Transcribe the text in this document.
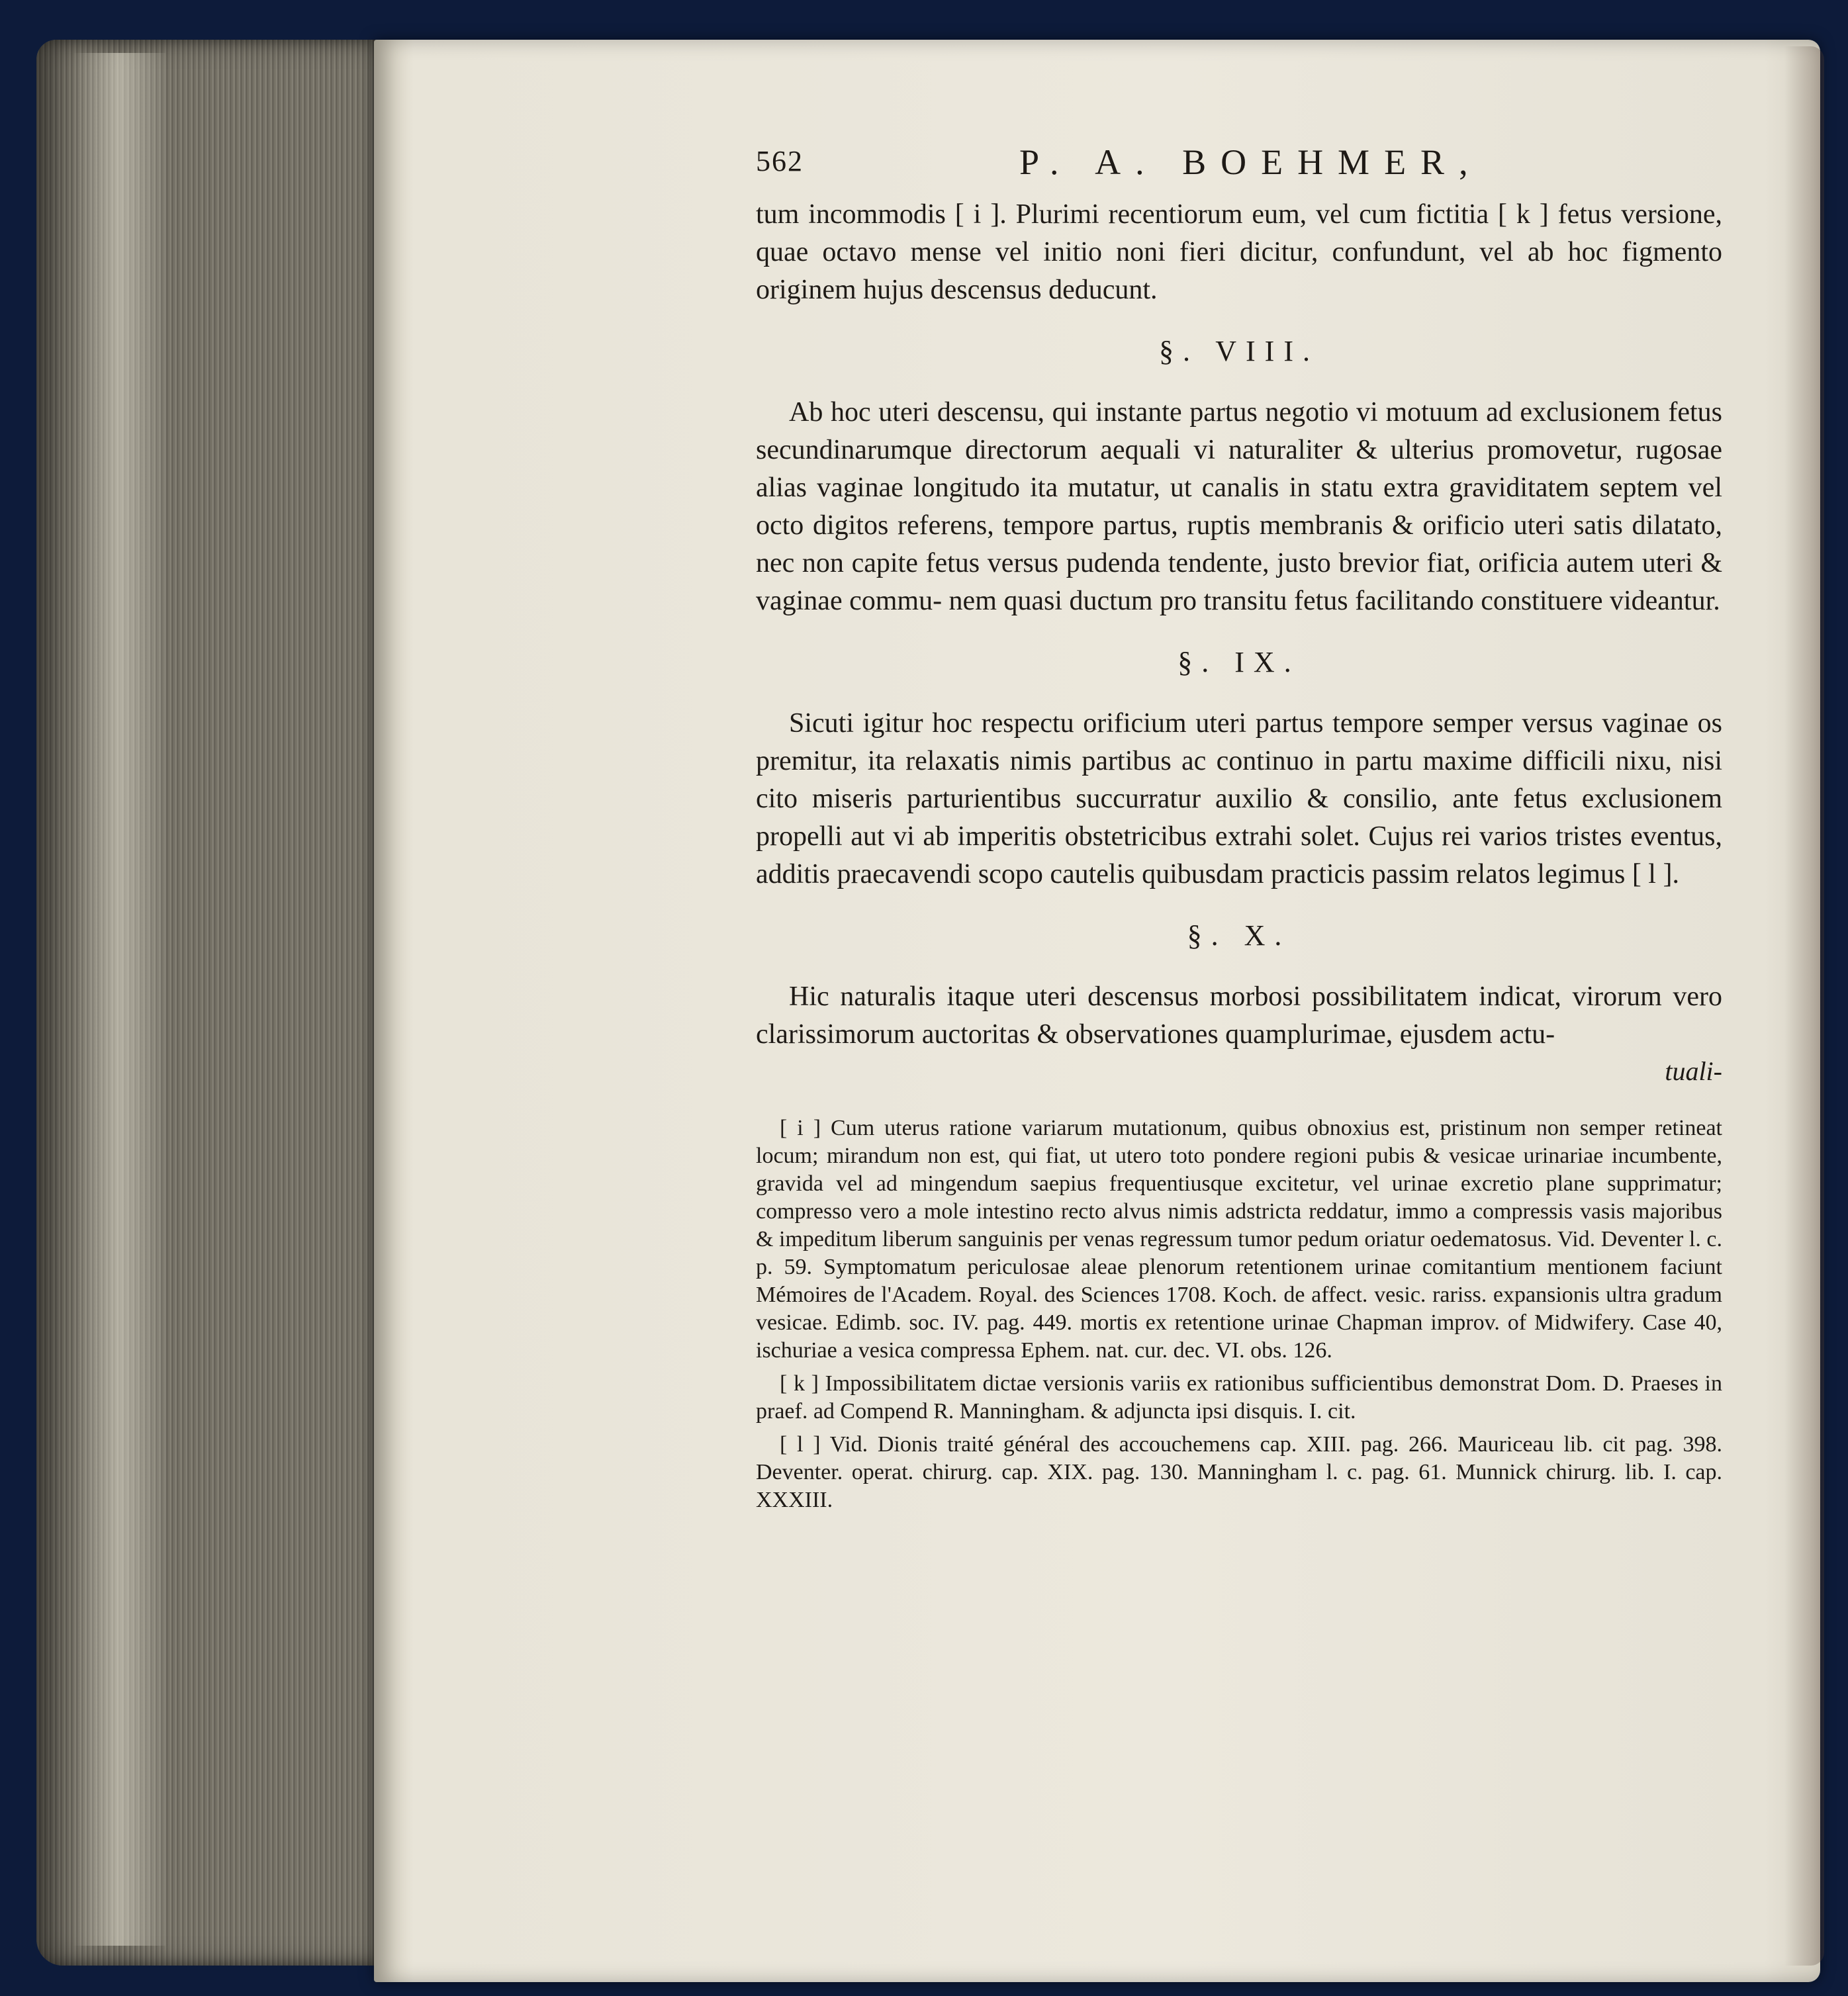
562	P. A. BOEHMER,

tum incommodis [ i ]. Plurimi recentiorum eum, vel cum fictitia [ k ] fetus versione, quae octavo mense vel initio noni fieri dicitur, confundunt, vel ab hoc figmento originem hujus descensus deducunt.

§. VIII.

Ab hoc uteri descensu, qui instante partus negotio vi motuum ad exclusionem fetus secundinarumque directorum aequali vi naturaliter & ulterius promovetur, rugosae alias vaginae longitudo ita mutatur, ut canalis in statu extra graviditatem septem vel octo digitos referens, tempore partus, ruptis membranis & orificio uteri satis dilatato, nec non capite fetus versus pudenda tendente, justo brevior fiat, orificia autem uteri & vaginae commu- nem quasi ductum pro transitu fetus facilitando constituere videantur.

§. IX.

Sicuti igitur hoc respectu orificium uteri partus tempore semper versus vaginae os premitur, ita relaxatis nimis partibus ac continuo in partu maxime difficili nixu, nisi cito miseris parturientibus succurratur auxilio & consilio, ante fetus exclusionem propelli aut vi ab imperitis obstetricibus extrahi solet. Cujus rei varios tristes eventus, additis praecavendi scopo cautelis quibusdam practicis passim relatos legimus [ l ].

§. X.

Hic naturalis itaque uteri descensus morbosi possibilitatem indicat, virorum vero clarissimorum auctoritas & observationes quamplurimae, ejusdem actu-

tuali-

[ i ] Cum uterus ratione variarum mutationum, quibus obnoxius est, pristinum non semper retineat locum; mirandum non est, qui fiat, ut utero toto pondere regioni pubis & vesicae urinariae incumbente, gravida vel ad mingendum saepius frequentiusque excitetur, vel urinae excretio plane supprimatur; compresso vero a mole intestino recto alvus nimis adstricta reddatur, immo a compressis vasis majoribus & impeditum liberum sanguinis per venas regressum tumor pedum oriatur oedematosus. Vid. Deventer l. c. p. 59. Symptomatum periculosae aleae plenorum retentionem urinae comitantium mentionem faciunt Mémoires de l'Academ. Royal. des Sciences 1708. Koch. de affect. vesic. rariss. expansionis ultra gradum vesicae. Edimb. soc. IV. pag. 449. mortis ex retentione urinae Chapman improv. of Midwifery. Case 40, ischuriae a vesica compressa Ephem. nat. cur. dec. VI. obs. 126.

[ k ] Impossibilitatem dictae versionis variis ex rationibus sufficientibus demonstrat Dom. D. Praeses in praef. ad Compend R. Manningham. & adjuncta ipsi disquis. I. cit.

[ l ] Vid. Dionis traité général des accouchemens cap. XIII. pag. 266. Mauriceau lib. cit pag. 398. Deventer. operat. chirurg. cap. XIX. pag. 130. Manningham l. c. pag. 61. Munnick chirurg. lib. I. cap. XXXIII.
